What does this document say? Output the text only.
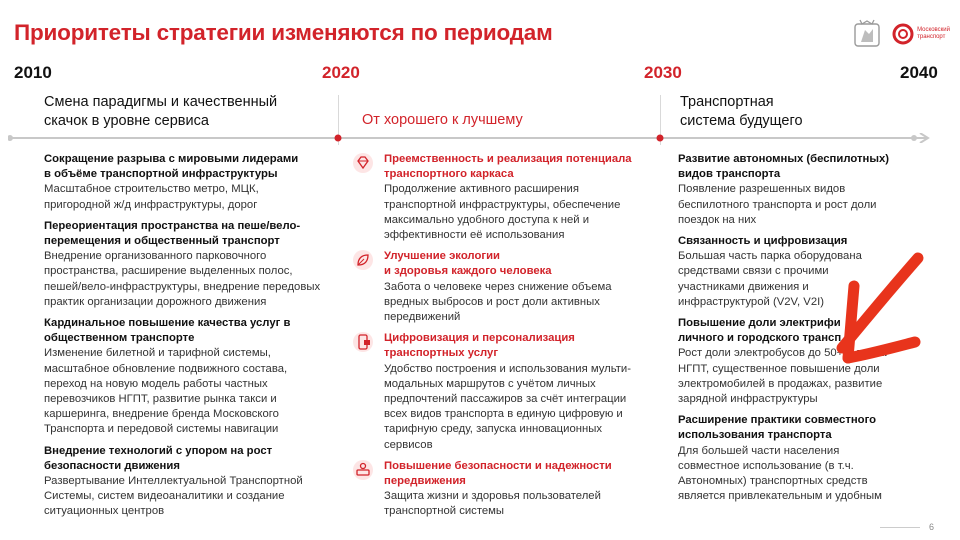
Приоритеты стратегии изменяются по периодам	Московский
транспорт
2010	2020	2030	2040
Смена парадигмы и качественный
скачок в уровне сервиса	От хорошего к лучшему
Транспортная
система будущего
Сокращение разрыва с мировыми лидерами
в объёме транспортной инфраструктуры
Масштабное строительство метро, МЦК,
пригородной ж/д инфраструктуры, дорог
Переориентация пространства на пеше/вело-
перемещения и общественный транспорт
Внедрение организованного парковочного
пространства, расширение выделенных полос,
пешей/вело-инфраструктуры, внедрение передовых
практик организации дорожного движения
Кардинальное повышение качества услуг в
общественном транспорте
Изменение билетной и тарифной системы,
масштабное обновление подвижного состава,
переход на новую модель работы частных
перевозчиков НГПТ, развитие рынка такси и
каршеринга, внедрение бренда Московского
Транспорта и передовой системы навигации
Внедрение технологий с упором на рост
безопасности движения
Развертывание Интеллектуальной Транспортной
Системы, систем видеоаналитики и создание
ситуационных центров
Преемственность и реализация потенциала
транспортного каркаса
Продолжение активного расширения
транспортной инфраструктуры, обеспечение
максимально удобного доступа к ней и
эффективности её использования
Улучшение экологии
и здоровья каждого человека
Забота о человеке через снижение объема
вредных выбросов и рост доли активных
передвижений
Цифровизация и персонализация
транспортных услуг
Удобство построения и использования мульти-
модальных маршрутов с учётом личных
предпочтений пассажиров за счёт интеграции
всех видов транспорта в единую цифровую и
тарифную среду, запуска инновационных
сервисов
Повышение безопасности и надежности
передвижения
Защита жизни и здоровья пользователей
транспортной системы
Развитие автономных (беспилотных)
видов транспорта
Появление разрешенных видов
беспилотного транспорта и рост доли
поездок на них
Связанность и цифровизация
Большая часть парка оборудована
средствами связи с прочими
участниками движения и
инфраструктурой (V2V, V2I)
Повышение доли электрифи
личного и городского трансп
Рост доли электробусов до 50+% парка
НГПТ, существенное повышение доли
электромобилей в продажах, развитие
зарядной инфраструктуры
Расширение практики совместного
использования транспорта
Для большей части населения
совместное использование (в т.ч.
Автономных) транспортных средств
является привлекательным и удобным
6
